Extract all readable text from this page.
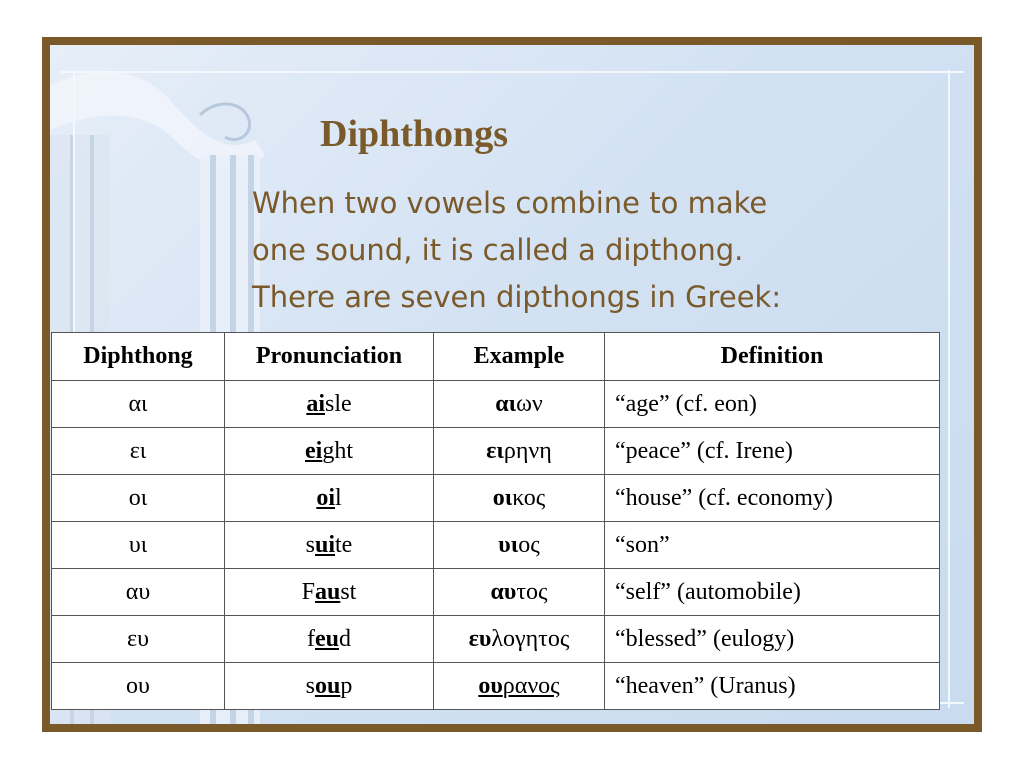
Diphthongs

When two vowels combine to make
one sound, it is called a dipthong.
There are seven dipthongs in Greek:

Diphthong	Pronunciation	Example	Definition
αι	aisle	αιων	“age” (cf. eon)
ει	eight	ειρηνη	“peace” (cf. Irene)
οι	oil	οικος	“house” (cf. economy)
υι	suite	υιος	“son”
αυ	Faust	αυτος	“self” (automobile)
ευ	feud	ευλογητος	“blessed” (eulogy)
ου	soup	ουρανος	“heaven” (Uranus)
